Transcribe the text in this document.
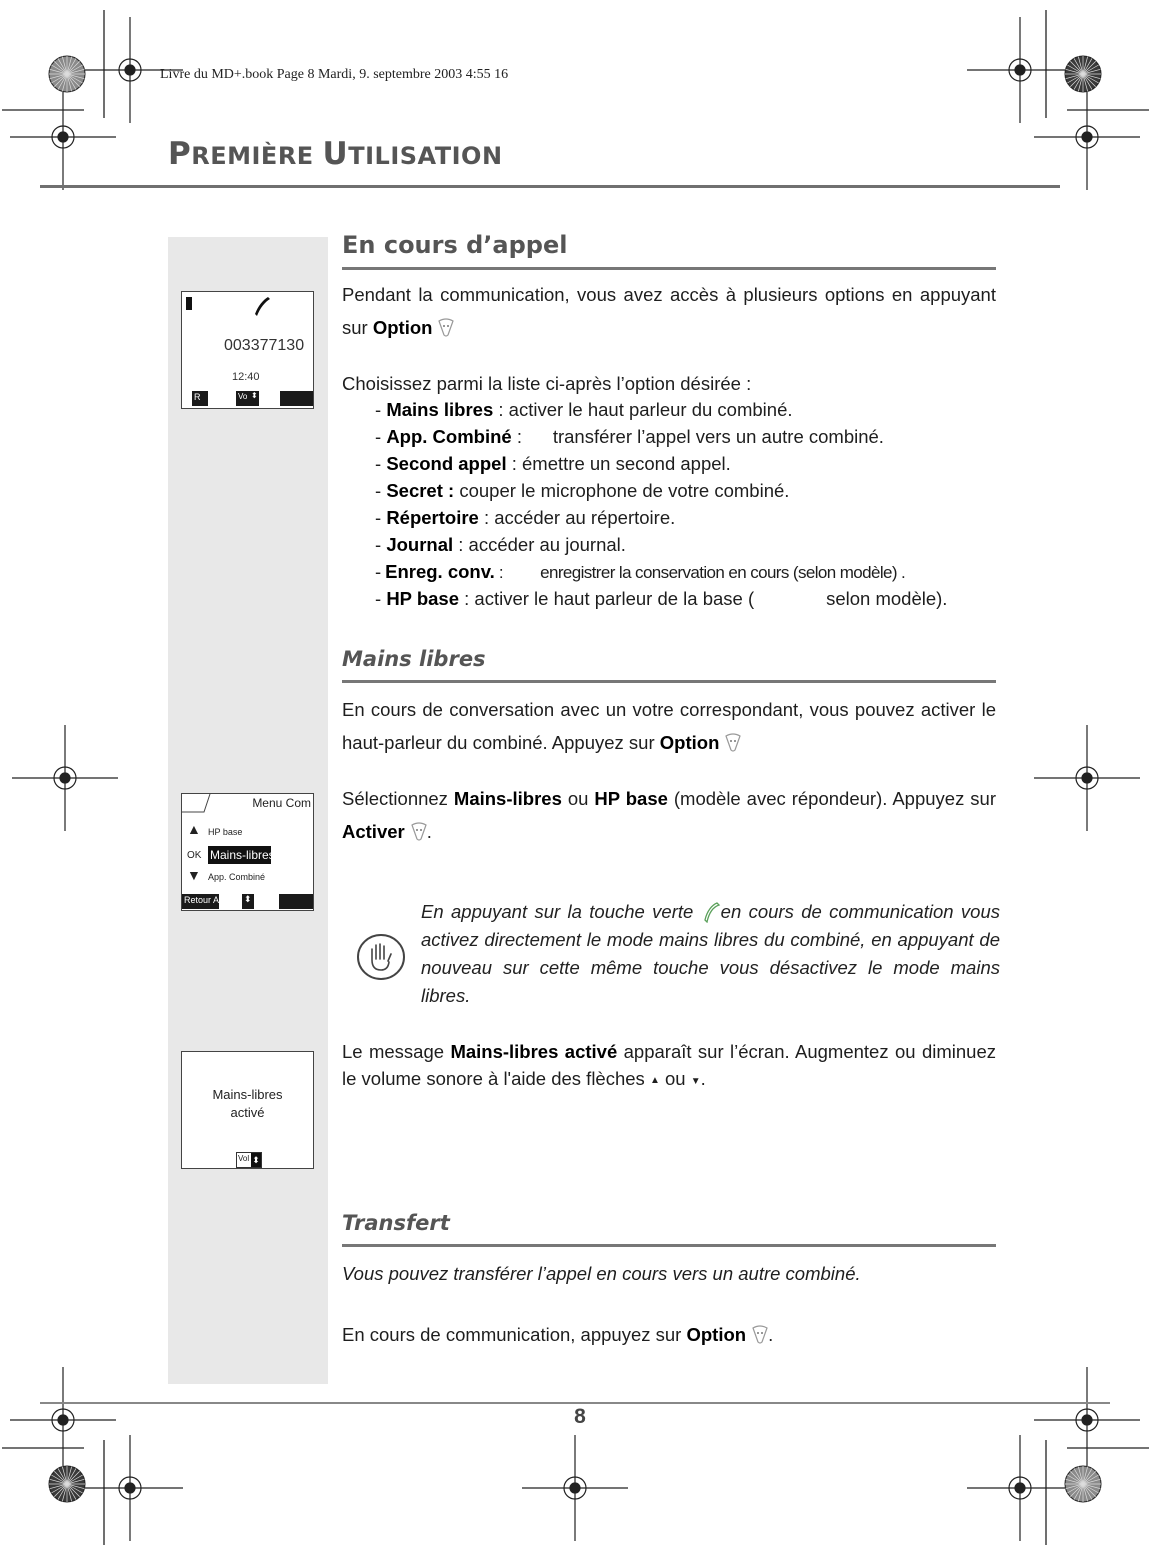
Livre du MD+.book Page 8 Mardi, 9. septembre 2003 4:55 16
PREMIÈRE UTILISATION
003377130
12:40
R	Vo ⬍
Menu Com
▲ HP base
OK Mains-libres
▼ App. Combiné
Retour A	⬍
Mains-libres
activé
Vol ⬍
En cours d’appel
Pendant la communication, vous avez accès à plusieurs options en appuyant sur Option
Choisissez parmi la liste ci-après l’option désirée :
- Mains libres : activer le haut parleur du combiné.
- App. Combiné :      transférer l’appel vers un autre combiné.
- Second appel : émettre un second appel.
- Secret : couper le microphone de votre combiné.
- Répertoire : accéder au répertoire.
- Journal : accéder au journal.
- Enreg. conv. :         enregistrer la conservation en cours (selon modèle) .
- HP base : activer le haut parleur de la base (              selon modèle).
Mains libres
En cours de conversation avec un votre correspondant, vous pouvez activer le haut-parleur du combiné. Appuyez sur Option
Sélectionnez Mains-libres ou HP base (modèle avec répondeur). Appuyez sur Activer .
En appuyant sur la touche verte en cours de communication vous activez directement le mode mains libres du combiné, en appuyant de nouveau sur cette même touche vous désactivez le mode mains libres.
Le message Mains-libres activé apparaît sur l’écran. Augmentez ou diminuez le volume sonore à l'aide des flèches ▲ ou ▼.
Transfert
Vous pouvez transférer l’appel en cours vers un autre combiné.
En cours de communication, appuyez sur Option .
8
